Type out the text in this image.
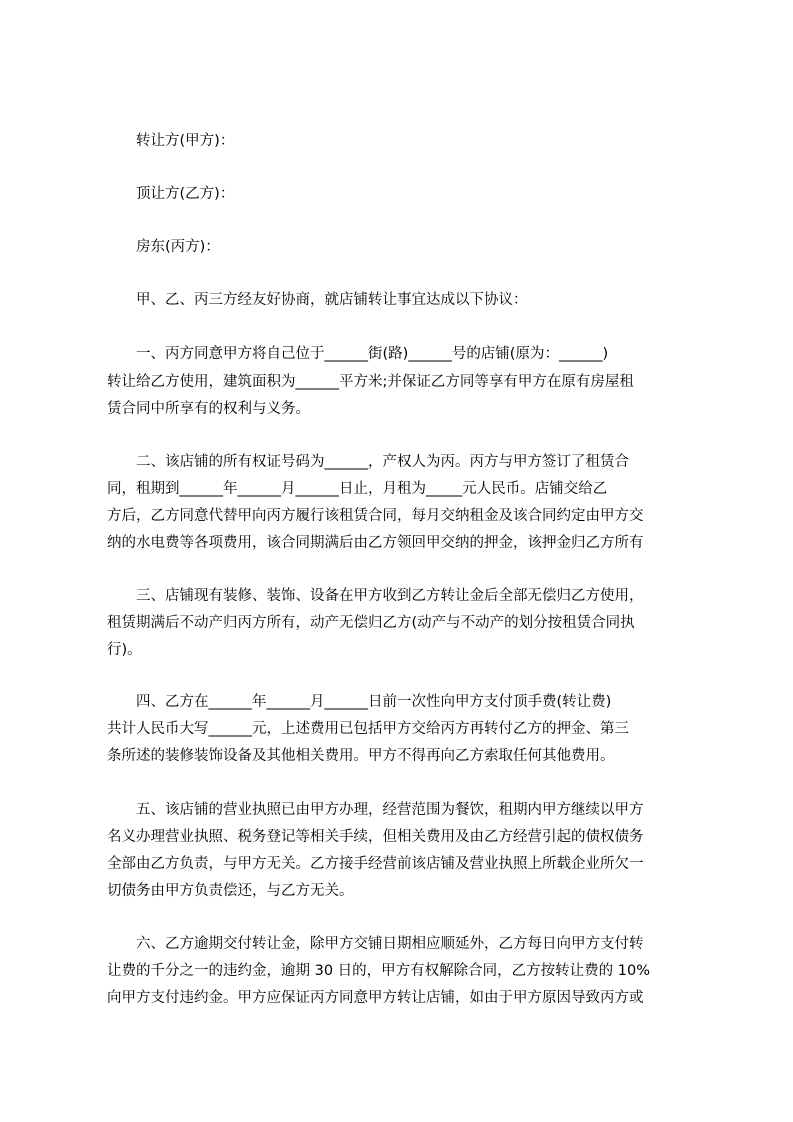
转让方(甲方)：
顶让方(乙方)：
房东(丙方)：
甲、乙、丙三方经友好协商，就店铺转让事宜达成以下协议：
一、丙方同意甲方将自己位于______街(路)______号的店铺(原为：______)
转让给乙方使用，建筑面积为______平方米;并保证乙方同等享有甲方在原有房屋租
赁合同中所享有的权利与义务。
二、该店铺的所有权证号码为______，产权人为丙。丙方与甲方签订了租赁合
同，租期到______年______月______日止，月租为_____元人民币。店铺交给乙
方后，乙方同意代替甲向丙方履行该租赁合同，每月交纳租金及该合同约定由甲方交
纳的水电费等各项费用，该合同期满后由乙方领回甲交纳的押金，该押金归乙方所有
三、店铺现有装修、装饰、设备在甲方收到乙方转让金后全部无偿归乙方使用，
租赁期满后不动产归丙方所有，动产无偿归乙方(动产与不动产的划分按租赁合同执
行)。
四、乙方在______年______月______日前一次性向甲方支付顶手费(转让费)
共计人民币大写______元，上述费用已包括甲方交给丙方再转付乙方的押金、第三
条所述的装修装饰设备及其他相关费用。甲方不得再向乙方索取任何其他费用。
五、该店铺的营业执照已由甲方办理，经营范围为餐饮，租期内甲方继续以甲方
名义办理营业执照、税务登记等相关手续，但相关费用及由乙方经营引起的债权债务
全部由乙方负责，与甲方无关。乙方接手经营前该店铺及营业执照上所载企业所欠一
切债务由甲方负责偿还，与乙方无关。
六、乙方逾期交付转让金，除甲方交铺日期相应顺延外，乙方每日向甲方支付转
让费的千分之一的违约金，逾期 30 日的，甲方有权解除合同，乙方按转让费的 10%
向甲方支付违约金。甲方应保证丙方同意甲方转让店铺，如由于甲方原因导致丙方或
